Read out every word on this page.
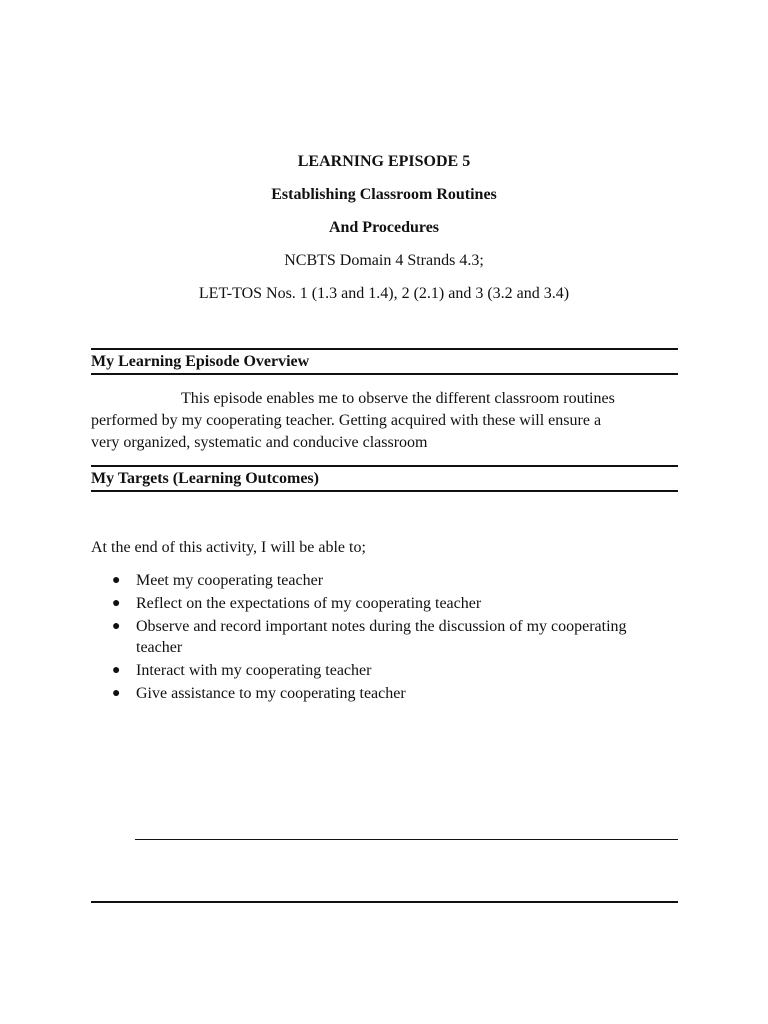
LEARNING EPISODE 5
Establishing Classroom Routines
And Procedures
NCBTS Domain 4 Strands 4.3;
LET-TOS Nos. 1 (1.3 and 1.4), 2 (2.1) and 3 (3.2 and 3.4)
My Learning Episode Overview
This episode enables me to observe the different classroom routines
performed by my cooperating teacher. Getting acquired with these will ensure a
very organized, systematic and conducive classroom
My Targets (Learning Outcomes)
At the end of this activity, I will be able to;
● Meet my cooperating teacher
● Reflect on the expectations of my cooperating teacher
● Observe and record important notes during the discussion of my cooperating
teacher
● Interact with my cooperating teacher
● Give assistance to my cooperating teacher
